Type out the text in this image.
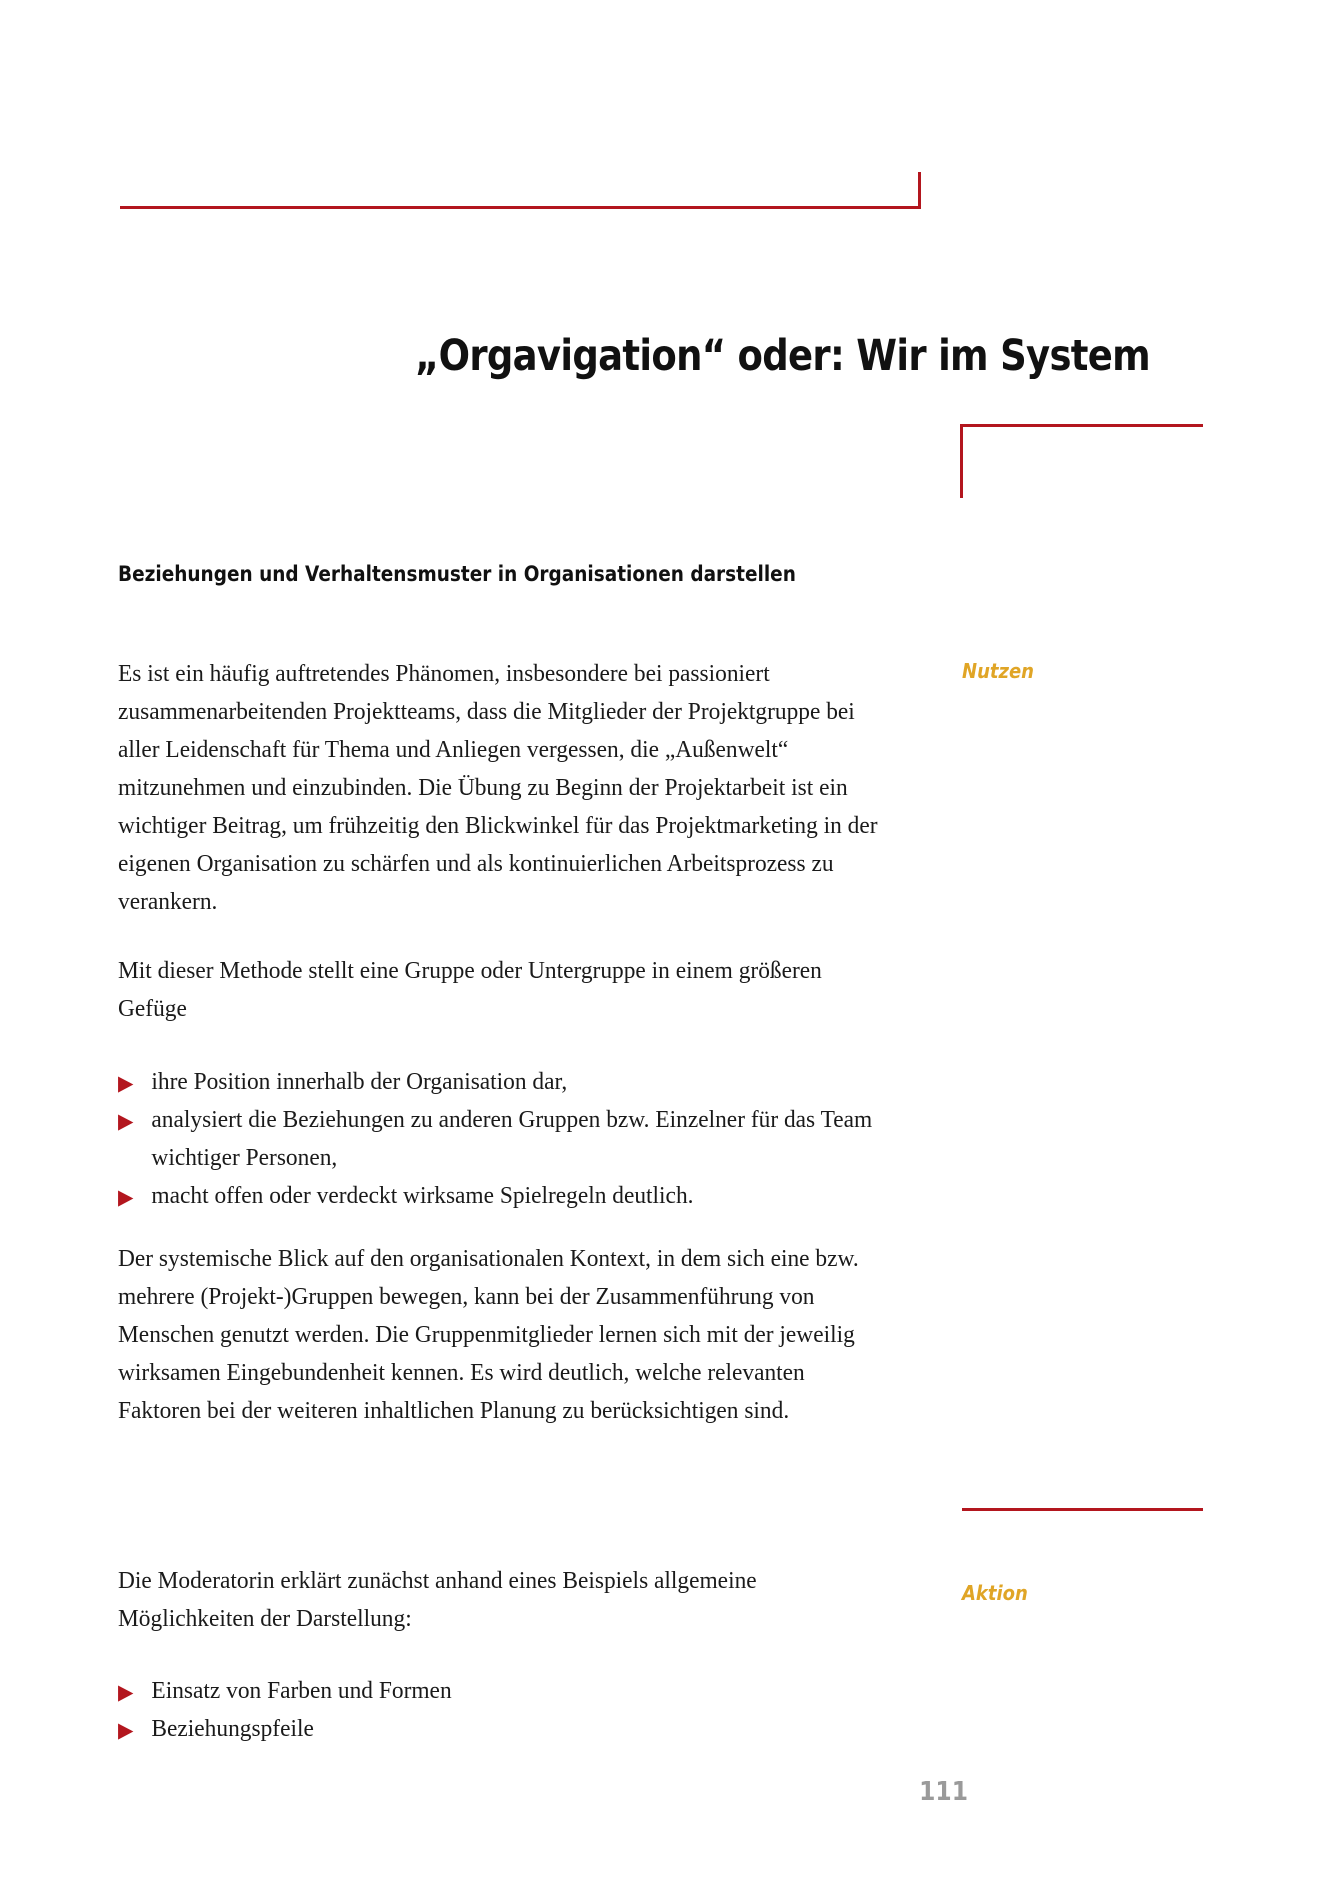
„Orgavigation“ oder: Wir im System
Beziehungen und Verhaltensmuster in Organisationen darstellen

Es ist ein häufig auftretendes Phänomen, insbesondere bei passioniert zusammenarbeitenden Projektteams, dass die Mitglieder der Projektgruppe bei aller Leidenschaft für Thema und Anliegen vergessen, die „Außenwelt“ mitzunehmen und einzubinden. Die Übung zu Beginn der Projektarbeit ist ein wichtiger Beitrag, um frühzeitig den Blickwinkel für das Projektmarketing in der eigenen Organisation zu schärfen und als kontinuierlichen Arbeitsprozess zu verankern.

Mit dieser Methode stellt eine Gruppe oder Untergruppe in einem größeren Gefüge

▶ ihre Position innerhalb der Organisation dar,
▶ analysiert die Beziehungen zu anderen Gruppen bzw. Einzelner für das Team wichtiger Personen,
▶ macht offen oder verdeckt wirksame Spielregeln deutlich.

Der systemische Blick auf den organisationalen Kontext, in dem sich eine bzw. mehrere (Projekt-)Gruppen bewegen, kann bei der Zusammenführung von Menschen genutzt werden. Die Gruppenmitglieder lernen sich mit der jeweilig wirksamen Eingebundenheit kennen. Es wird deutlich, welche relevanten Faktoren bei der weiteren inhaltlichen Planung zu berücksichtigen sind.

Die Moderatorin erklärt zunächst anhand eines Beispiels allgemeine Möglichkeiten der Darstellung:

▶ Einsatz von Farben und Formen
▶ Beziehungspfeile
Nutzen
Aktion
111
